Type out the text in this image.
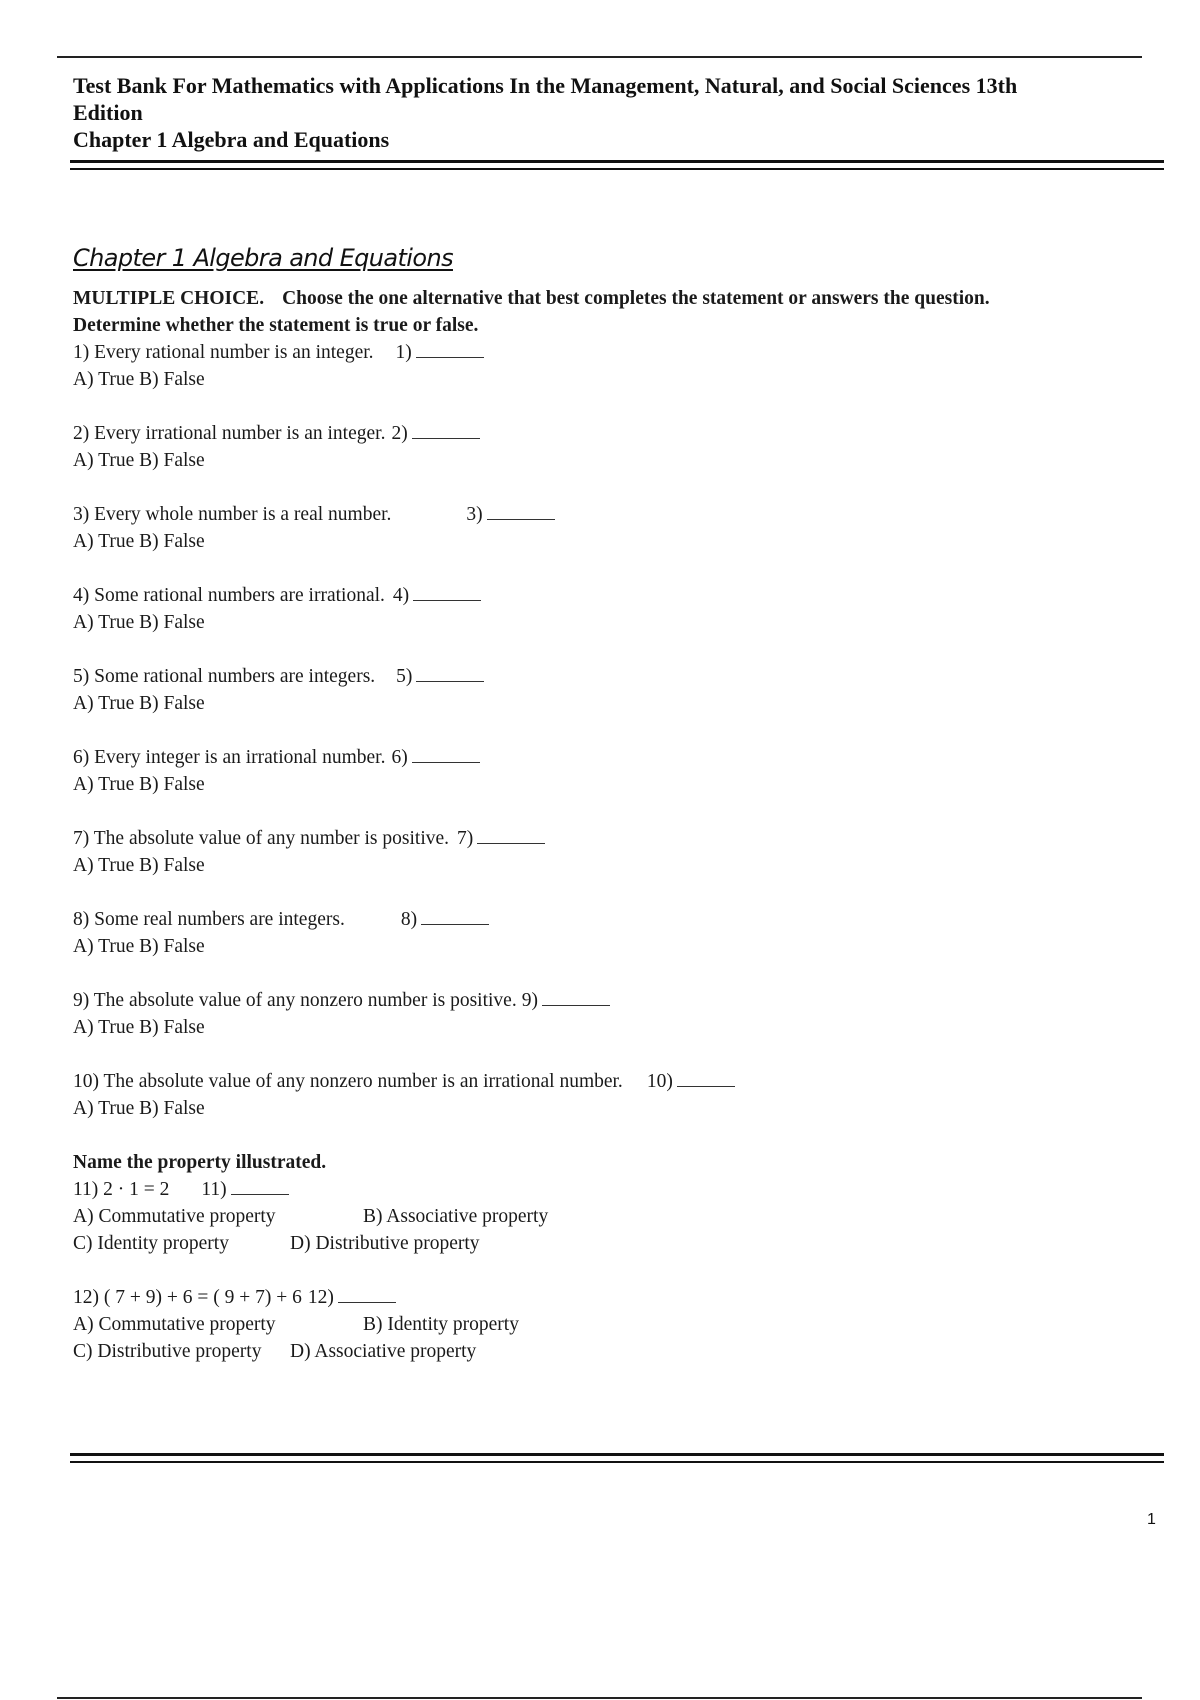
Test Bank For Mathematics with Applications In the Management, Natural, and Social Sciences 13th
Edition
Chapter 1 Algebra and Equations
Chapter 1 Algebra and Equations
MULTIPLE CHOICE. Choose the one alternative that best completes the statement or answers the question.
Determine whether the statement is true or false.
1) Every rational number is an integer. 1)
A) True B) False
2) Every irrational number is an integer. 2)
A) True B) False
3) Every whole number is a real number.	3)
A) True B) False
4) Some rational numbers are irrational. 4)
A) True B) False
5) Some rational numbers are integers. 5)
A) True B) False
6) Every integer is an irrational number. 6)
A) True B) False
7) The absolute value of any number is positive. 7)
A) True B) False
8) Some real numbers are integers.	8)
A) True B) False
9) The absolute value of any nonzero number is positive. 9)
A) True B) False
10) The absolute value of any nonzero number is an irrational number. 10)
A) True B) False
Name the property illustrated.
11) 2 · 1 = 2 11)
A) Commutative property	B) Associative property
C) Identity property	D) Distributive property
12) ( 7 + 9) + 6 = ( 9 + 7) + 6 12)
A) Commutative property	B) Identity property
C) Distributive property D) Associative property
1
